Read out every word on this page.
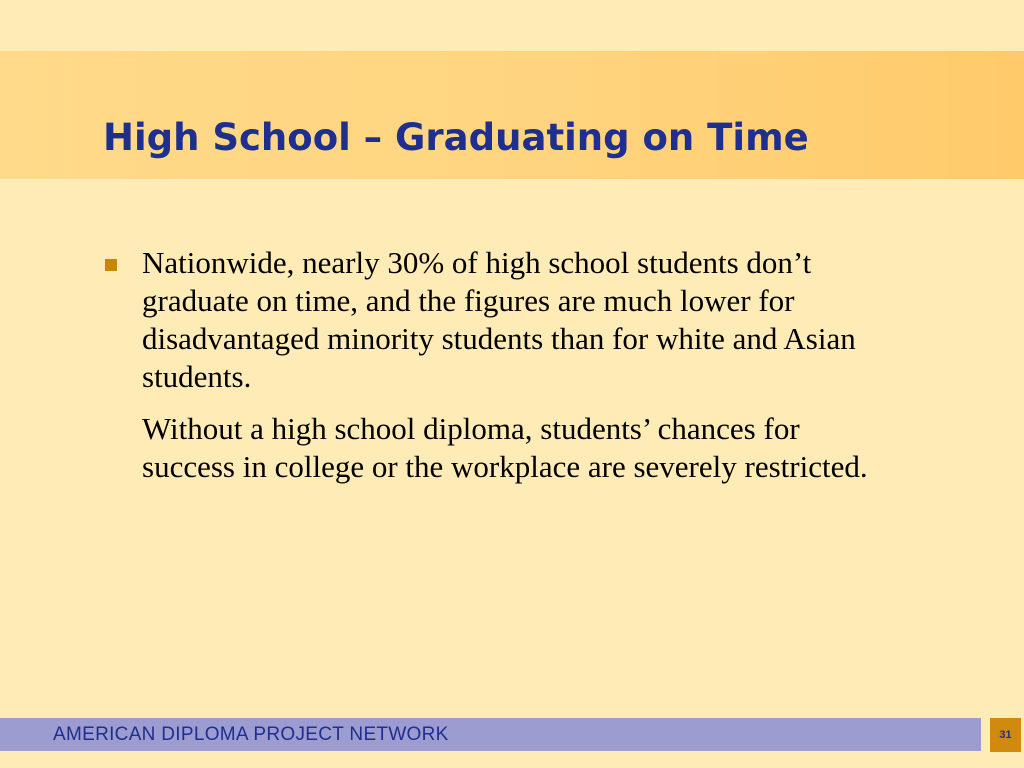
High School – Graduating on Time

Nationwide, nearly 30% of high school students don’t graduate on time, and the figures are much lower for disadvantaged minority students than for white and Asian students.

Without a high school diploma, students’ chances for success in college or the workplace are severely restricted.

AMERICAN DIPLOMA PROJECT NETWORK	31
